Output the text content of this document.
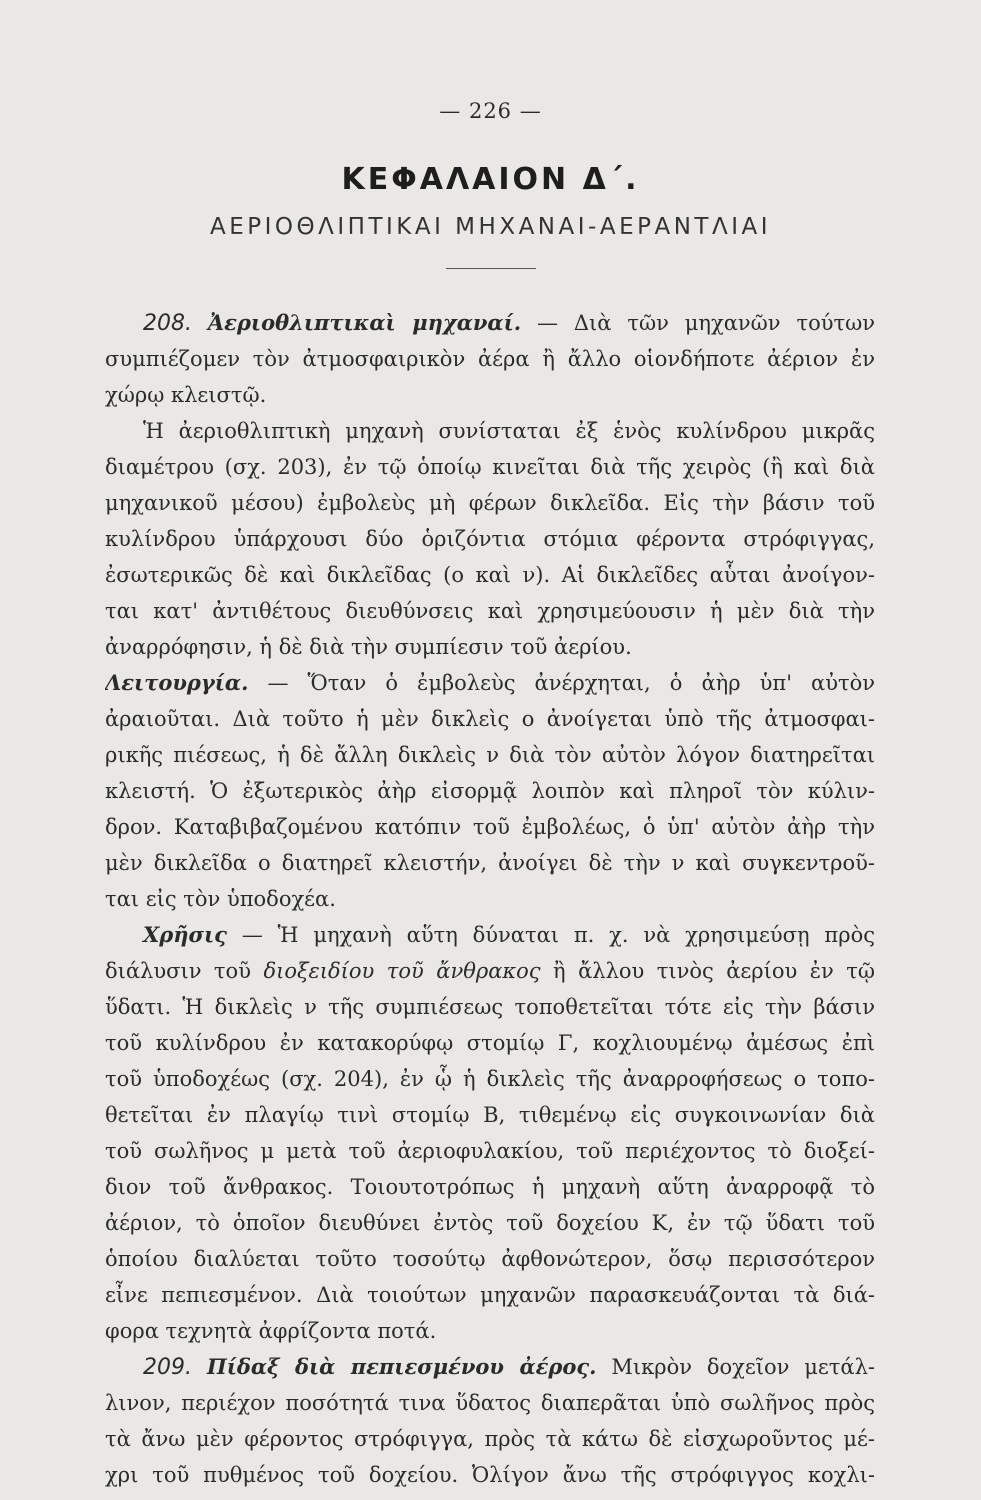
— 226 —
ΚΕΦΑΛΑΙΟΝ Δ΄.
ΑΕΡΙΟΘΛΙΠΤΙΚΑΙ ΜΗΧΑΝΑΙ-ΑΕΡΑΝΤΛΙΑΙ
208. Ἀεριοθλιπτικαὶ μηχαναί. — Διὰ τῶν μηχανῶν τούτων
συμπιέζομεν τὸν ἀτμοσφαιρικὸν ἀέρα ἢ ἄλλο οἱονδήποτε ἀέριον ἐν
χώρῳ κλειστῷ.
Ἡ ἀεριοθλιπτικὴ μηχανὴ συνίσταται ἐξ ἑνὸς κυλίνδρου μικρᾶς
διαμέτρου (σχ. 203), ἐν τῷ ὁποίῳ κινεῖται διὰ τῆς χειρὸς (ἢ καὶ διὰ
μηχανικοῦ μέσου) ἐμβολεὺς μὴ φέρων δικλεῖδα. Εἰς τὴν βάσιν τοῦ
κυλίνδρου ὑπάρχουσι δύο ὁριζόντια στόμια φέροντα στρόφιγγας,
ἐσωτερικῶς δὲ καὶ δικλεῖδας (ο καὶ ν). Αἱ δικλεῖδες αὗται ἀνοίγον-
ται κατ' ἀντιθέτους διευθύνσεις καὶ χρησιμεύουσιν ἡ μὲν διὰ τὴν
ἀναρρόφησιν, ἡ δὲ διὰ τὴν συμπίεσιν τοῦ ἀερίου.
Λειτουργία. — Ὅταν ὁ ἐμβολεὺς ἀνέρχηται, ὁ ἀὴρ ὑπ' αὐτὸν
ἀραιοῦται. Διὰ τοῦτο ἡ μὲν δικλεὶς ο ἀνοίγεται ὑπὸ τῆς ἀτμοσφαι-
ρικῆς πιέσεως, ἡ δὲ ἄλλη δικλεὶς ν διὰ τὸν αὐτὸν λόγον διατηρεῖται
κλειστή. Ὁ ἐξωτερικὸς ἀὴρ εἰσορμᾷ λοιπὸν καὶ πληροῖ τὸν κύλιν-
δρον. Καταβιβαζομένου κατόπιν τοῦ ἐμβολέως, ὁ ὑπ' αὐτὸν ἀὴρ τὴν
μὲν δικλεῖδα ο διατηρεῖ κλειστήν, ἀνοίγει δὲ τὴν ν καὶ συγκεντροῦ-
ται εἰς τὸν ὑποδοχέα.
Χρῆσις — Ἡ μηχανὴ αὕτη δύναται π. χ. νὰ χρησιμεύσῃ πρὸς
διάλυσιν τοῦ διοξειδίου τοῦ ἄνθρακος ἢ ἄλλου τινὸς ἀερίου ἐν τῷ
ὕδατι. Ἡ δικλεὶς ν τῆς συμπιέσεως τοποθετεῖται τότε εἰς τὴν βάσιν
τοῦ κυλίνδρου ἐν κατακορύφῳ στομίῳ Γ, κοχλιουμένῳ ἀμέσως ἐπὶ
τοῦ ὑποδοχέως (σχ. 204), ἐν ᾧ ἡ δικλεὶς τῆς ἀναρροφήσεως ο τοπο-
θετεῖται ἐν πλαγίῳ τινὶ στομίῳ Β, τιθεμένῳ εἰς συγκοινωνίαν διὰ
τοῦ σωλῆνος μ μετὰ τοῦ ἀεριοφυλακίου, τοῦ περιέχοντος τὸ διοξεί-
διον τοῦ ἄνθρακος. Τοιουτοτρόπως ἡ μηχανὴ αὕτη ἀναρροφᾷ τὸ
ἀέριον, τὸ ὁποῖον διευθύνει ἐντὸς τοῦ δοχείου Κ, ἐν τῷ ὕδατι τοῦ
ὁποίου διαλύεται τοῦτο τοσούτῳ ἀφθονώτερον, ὅσῳ περισσότερον
εἶνε πεπιεσμένον. Διὰ τοιούτων μηχανῶν παρασκευάζονται τὰ διά-
φορα τεχνητὰ ἀφρίζοντα ποτά.
209. Πίδαξ διὰ πεπιεσμένου ἀέρος. Μικρὸν δοχεῖον μετάλ-
λινον, περιέχον ποσότητά τινα ὕδατος διαπερᾶται ὑπὸ σωλῆνος πρὸς
τὰ ἄνω μὲν φέροντος στρόφιγγα, πρὸς τὰ κάτω δὲ εἰσχωροῦντος μέ-
χρι τοῦ πυθμένος τοῦ δοχείου. Ὀλίγον ἄνω τῆς στρόφιγγος κοχλι-
